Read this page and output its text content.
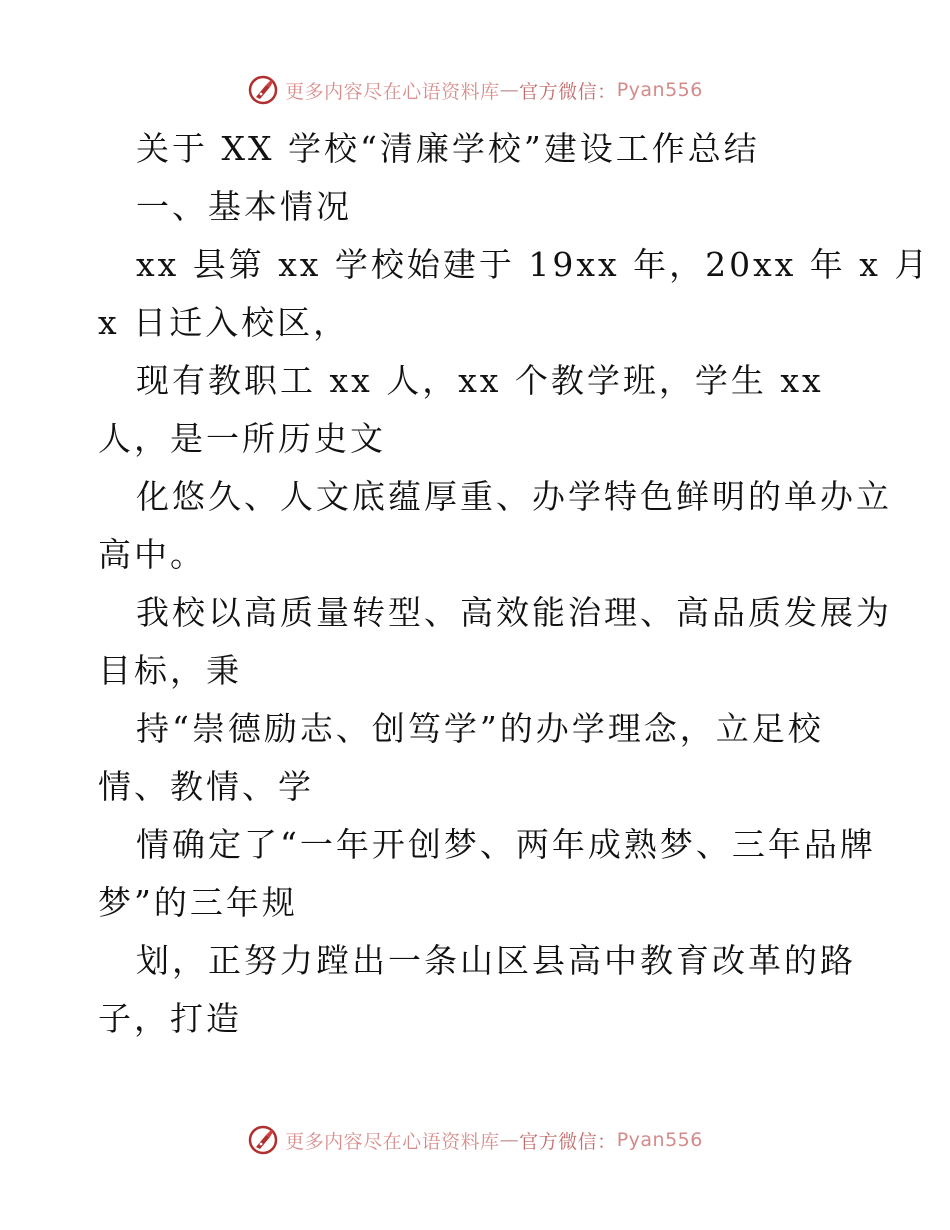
更多内容尽在心语资料库 — 官方微信： Pyan556
关于 XX 学校“清廉学校”建设工作总结
一、基本情况
xx 县第 xx 学校始建于 19xx 年，20xx 年 x 月
x 日迁入校区，
现有教职工 xx 人，xx 个教学班，学生 xx
人，是一所历史文
化悠久、人文底蕴厚重、办学特色鲜明的单办立
高中。
我校以高质量转型、高效能治理、高品质发展为
目标，秉
持“崇德励志、创笃学”的办学理念，立足校
情、教情、学
情确定了“一年开创梦、两年成熟梦、三年品牌
梦”的三年规
划，正努力蹚出一条山区县高中教育改革的路
子，打造
更多内容尽在心语资料库 — 官方微信： Pyan556
